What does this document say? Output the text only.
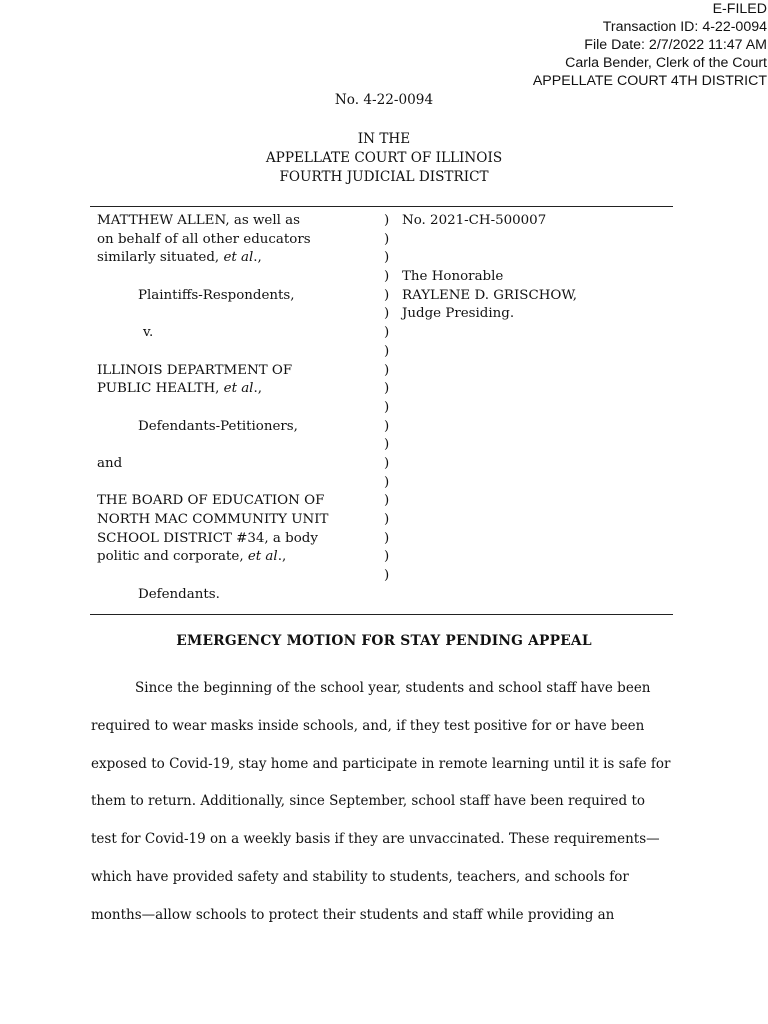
E-FILED
Transaction ID: 4-22-0094
File Date: 2/7/2022 11:47 AM
Carla Bender, Clerk of the Court
APPELLATE COURT 4TH DISTRICT
No. 4-22-0094
IN THE
APPELLATE COURT OF ILLINOIS
FOURTH JUDICIAL DISTRICT
MATTHEW ALLEN, as well as
on behalf of all other educators
similarly situated, et al.,
Plaintiffs-Respondents,
v.
ILLINOIS DEPARTMENT OF
PUBLIC HEALTH, et al.,
Defendants-Petitioners,
and
THE BOARD OF EDUCATION OF
NORTH MAC COMMUNITY UNIT
SCHOOL DISTRICT #34, a body
politic and corporate, et al.,
Defendants.
)
)
)
)
)
)
)
)
)
)
)
)
)
)
)
)
)
)
)
)
No. 2021-CH-500007
The Honorable
RAYLENE D. GRISCHOW,
Judge Presiding.
EMERGENCY MOTION FOR STAY PENDING APPEAL
Since the beginning of the school year, students and school staff have been
required to wear masks inside schools, and, if they test positive for or have been
exposed to Covid-19, stay home and participate in remote learning until it is safe for
them to return. Additionally, since September, school staff have been required to
test for Covid-19 on a weekly basis if they are unvaccinated. These requirements—
which have provided safety and stability to students, teachers, and schools for
months—allow schools to protect their students and staff while providing an
